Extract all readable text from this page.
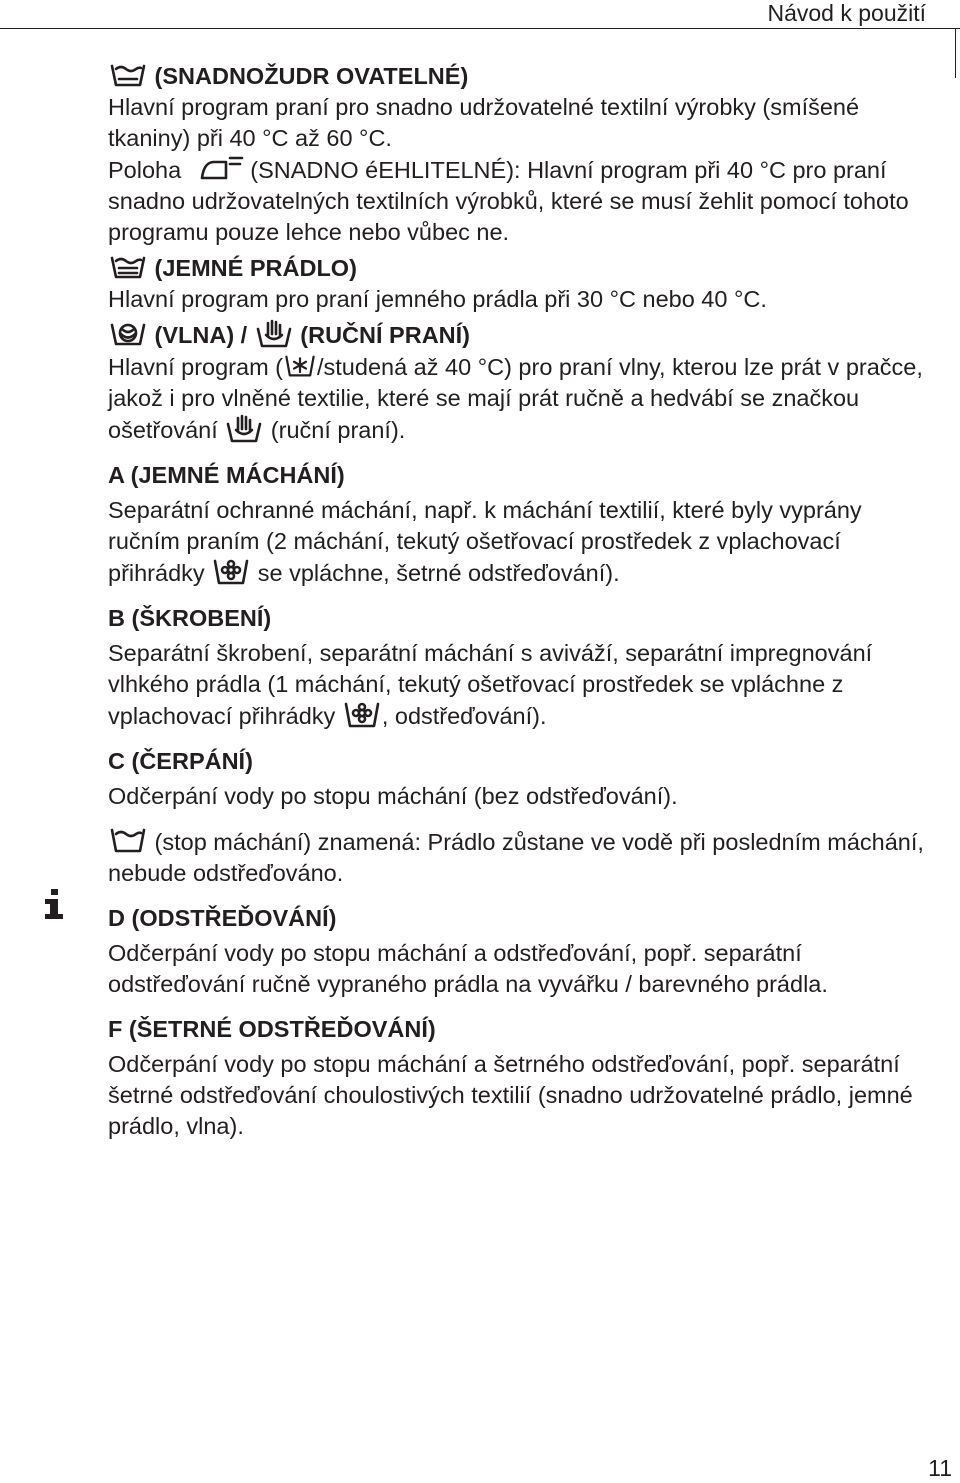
Návod k použití
(SNADNOŽUDR OVATELNÉ)
Hlavní program praní pro snadno udržovatelné textilní výrobky (smíšené tkaniny) při 40 °C až 60 °C.
Poloha	(SNADNO éEHLITELNÉ): Hlavní program při 40 °C pro praní snadno udržovatelných textilních výrobků, které se musí žehlit pomocí tohoto programu pouze lehce nebo vůbec ne.
(JEMNÉ PRÁDLO)
Hlavní program pro praní jemného prádla při 30 °C nebo 40 °C.
(VLNA) / (RUČNÍ PRANÍ)
Hlavní program ( /studená až 40 °C) pro praní vlny, kterou lze prát v pračce, jakož i pro vlněné textilie, které se mají prát ručně a hedvábí se značkou ošetřování (ruční praní).
A (JEMNÉ MÁCHÁNÍ)
Separátní ochranné máchání, např. k máchání textilií, které byly vyprány ručním praním (2 máchání, tekutý ošetřovací prostředek z vplachovací přihrádky se vpláchne, šetrné odstřeďování).
B (ŠKROBENÍ)
Separátní škrobení, separátní máchání s aviváží, separátní impregnování vlhkého prádla (1 máchání, tekutý ošetřovací prostředek se vpláchne z vplachovací přihrádky , odstřeďování).
C (ČERPÁNÍ)
Odčerpání vody po stopu máchání (bez odstřeďování).
(stop máchání) znamená: Prádlo zůstane ve vodě při posledním máchání, nebude odstřeďováno.
D (ODSTŘEĎOVÁNÍ)
Odčerpání vody po stopu máchání a odstřeďování, popř. separátní odstřeďování ručně vypraného prádla na vyvářku / barevného prádla.
F (ŠETRNÉ ODSTŘEĎOVÁNÍ)
Odčerpání vody po stopu máchání a šetrného odstřeďování, popř. separátní šetrné odstřeďování choulostivých textilií (snadno udržovatelné prádlo, jemné prádlo, vlna).
11
